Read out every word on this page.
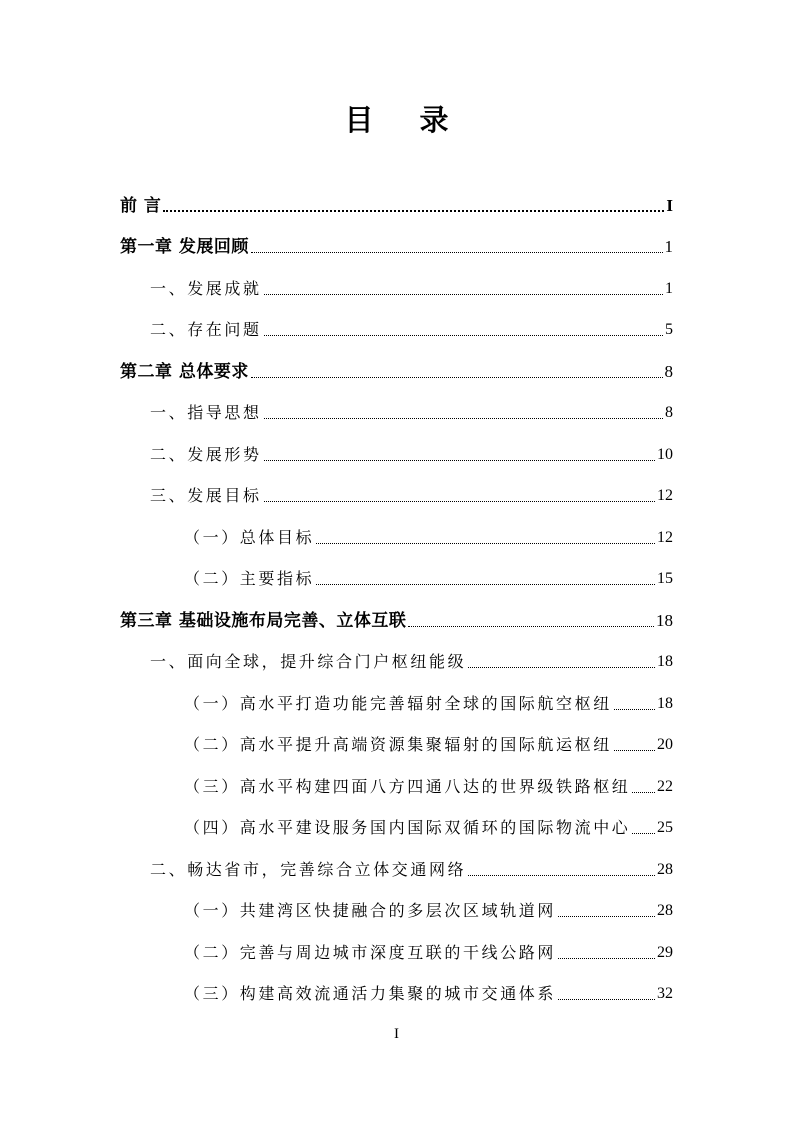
目 录
前 言	I
第一章 发展回顾	1
一、发展成就	1
二、存在问题	5
第二章 总体要求	8
一、指导思想	8
二、发展形势	10
三、发展目标	12
（一）总体目标	12
（二）主要指标	15
第三章 基础设施布局完善、立体互联	18
一、面向全球，提升综合门户枢纽能级	18
（一）高水平打造功能完善辐射全球的国际航空枢纽	18
（二）高水平提升高端资源集聚辐射的国际航运枢纽	20
（三）高水平构建四面八方四通八达的世界级铁路枢纽 22
（四）高水平建设服务国内国际双循环的国际物流中心 25
二、畅达省市，完善综合立体交通网络	28
（一）共建湾区快捷融合的多层次区域轨道网	28
（二）完善与周边城市深度互联的干线公路网	29
（三）构建高效流通活力集聚的城市交通体系	32
I
